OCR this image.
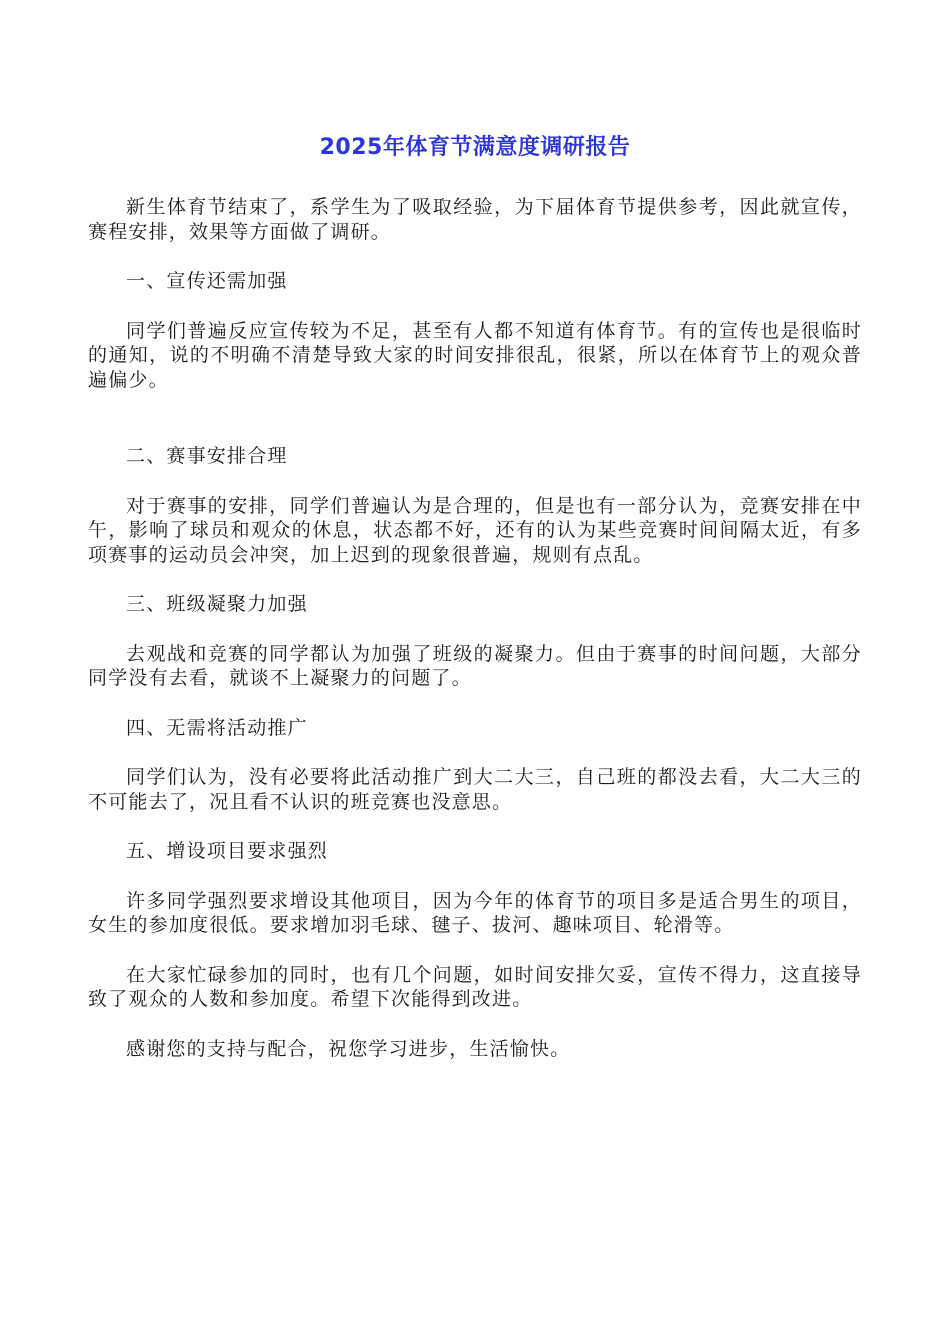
2025年体育节满意度调研报告

新生体育节结束了，系学生为了吸取经验，为下届体育节提供参考，因此就宣传，赛程安排，效果等方面做了调研。

一、宣传还需加强

同学们普遍反应宣传较为不足，甚至有人都不知道有体育节。有的宣传也是很临时的通知，说的不明确不清楚导致大家的时间安排很乱，很紧，所以在体育节上的观众普遍偏少。

二、赛事安排合理

对于赛事的安排，同学们普遍认为是合理的，但是也有一部分认为，竞赛安排在中午，影响了球员和观众的休息，状态都不好，还有的认为某些竞赛时间间隔太近，有多项赛事的运动员会冲突，加上迟到的现象很普遍，规则有点乱。

三、班级凝聚力加强

去观战和竞赛的同学都认为加强了班级的凝聚力。但由于赛事的时间问题，大部分同学没有去看，就谈不上凝聚力的问题了。

四、无需将活动推广

同学们认为，没有必要将此活动推广到大二大三，自己班的都没去看，大二大三的不可能去了，况且看不认识的班竞赛也没意思。

五、增设项目要求强烈

许多同学强烈要求增设其他项目，因为今年的体育节的项目多是适合男生的项目，女生的参加度很低。要求增加羽毛球、毽子、拔河、趣味项目、轮滑等。

在大家忙碌参加的同时，也有几个问题，如时间安排欠妥，宣传不得力，这直接导致了观众的人数和参加度。希望下次能得到改进。

感谢您的支持与配合，祝您学习进步，生活愉快。
